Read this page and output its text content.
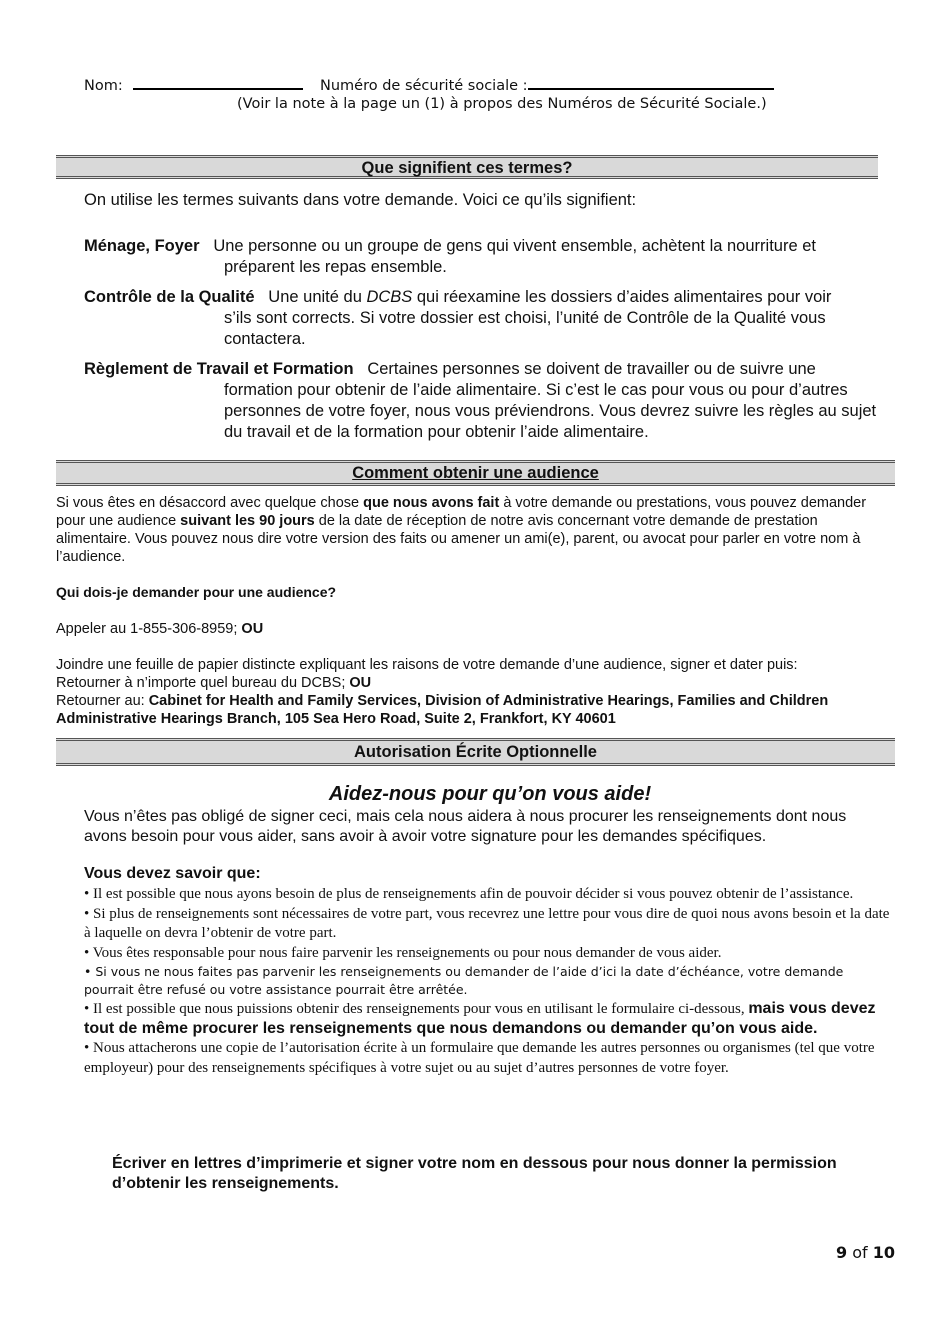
Nom:	Numéro de sécurité sociale :
(Voir la note à la page un (1) à propos des Numéros de Sécurité Sociale.)
Que signifient ces termes?
On utilise les termes suivants dans votre demande. Voici ce qu’ils signifient:
Ménage, Foyer Une personne ou un groupe de gens qui vivent ensemble, achètent la nourriture et
préparent les repas ensemble.
Contrôle de la Qualité Une unité du DCBS qui réexamine les dossiers d’aides alimentaires pour voir
s’ils sont corrects. Si votre dossier est choisi, l’unité de Contrôle de la Qualité vous contactera.
Règlement de Travail et Formation Certaines personnes se doivent de travailler ou de suivre une
formation pour obtenir de l’aide alimentaire. Si c’est le cas pour vous ou pour d’autres personnes de votre foyer, nous vous préviendrons. Vous devrez suivre les règles au sujet du travail et de la formation pour obtenir l’aide alimentaire.
Comment obtenir une audience
Si vous êtes en désaccord avec quelque chose que nous avons fait à votre demande ou prestations, vous pouvez demander pour une audience suivant les 90 jours de la date de réception de notre avis concernant votre demande de prestation alimentaire. Vous pouvez nous dire votre version des faits ou amener un ami(e), parent, ou avocat pour parler en votre nom à l’audience.
Qui dois-je demander pour une audience?
Appeler au 1-855-306-8959; OU
Joindre une feuille de papier distincte expliquant les raisons de votre demande d’une audience, signer et dater puis:
Retourner à n’importe quel bureau du DCBS; OU
Retourner au: Cabinet for Health and Family Services, Division of Administrative Hearings, Families and Children Administrative Hearings Branch, 105 Sea Hero Road, Suite 2, Frankfort, KY 40601
Autorisation Écrite Optionnelle
Aidez-nous pour qu’on vous aide!
Vous n’êtes pas obligé de signer ceci, mais cela nous aidera à nous procurer les renseignements dont nous avons besoin pour vous aider, sans avoir à avoir votre signature pour les demandes spécifiques.
Vous devez savoir que:
• Il est possible que nous ayons besoin de plus de renseignements afin de pouvoir décider si vous pouvez obtenir de l’assistance.
• Si plus de renseignements sont nécessaires de votre part, vous recevrez une lettre pour vous dire de quoi nous avons besoin et la date à laquelle on devra l’obtenir de votre part.
• Vous êtes responsable pour nous faire parvenir les renseignements ou pour nous demander de vous aider.
• Si vous ne nous faites pas parvenir les renseignements ou demander de l’aide d’ici la date d’échéance, votre demande pourrait être refusé ou votre assistance pourrait être arrêtée.
• Il est possible que nous puissions obtenir des renseignements pour vous en utilisant le formulaire ci-dessous, mais vous devez tout de même procurer les renseignements que nous demandons ou demander qu’on vous aide.
• Nous attacherons une copie de l’autorisation écrite à un formulaire que demande les autres personnes ou organismes (tel que votre employeur) pour des renseignements spécifiques à votre sujet ou au sujet d’autres personnes de votre foyer.
Écriver en lettres d’imprimerie et signer votre nom en dessous pour nous donner la permission d’obtenir les renseignements.
9 of 10
